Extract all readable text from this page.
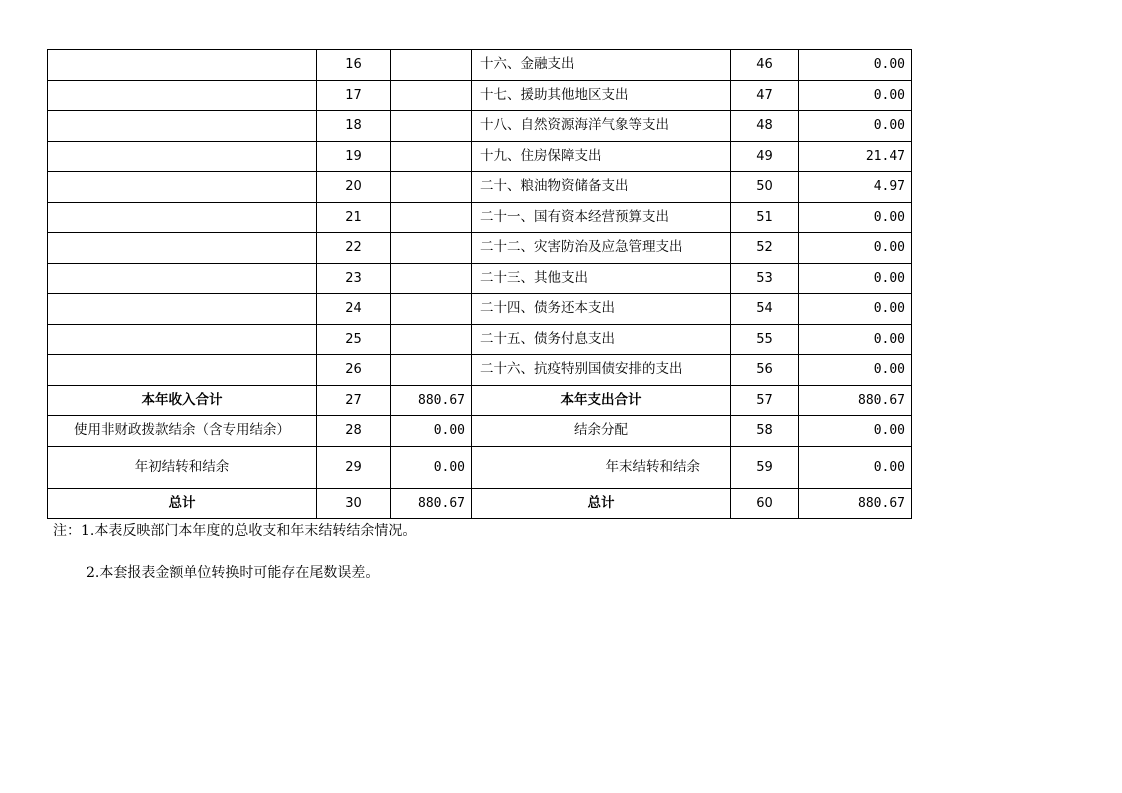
	16		十六、金融支出	46	0.00
	17		十七、援助其他地区支出	47	0.00
	18		十八、自然资源海洋气象等支出	48	0.00
	19		十九、住房保障支出	49	21.47
	20		二十、粮油物资储备支出	50	4.97
	21		二十一、国有资本经营预算支出	51	0.00
	22		二十二、灾害防治及应急管理支出	52	0.00
	23		二十三、其他支出	53	0.00
	24		二十四、债务还本支出	54	0.00
	25		二十五、债务付息支出	55	0.00
	26		二十六、抗疫特别国债安排的支出	56	0.00
本年收入合计	27	880.67	本年支出合计	57	880.67
使用非财政拨款结余（含专用结余）	28	0.00	结余分配	58	0.00
年初结转和结余	29	0.00	年末结转和结余	59	0.00
总计	30	880.67	总计	60	880.67
注：1.本表反映部门本年度的总收支和年末结转结余情况。
2.本套报表金额单位转换时可能存在尾数误差。
